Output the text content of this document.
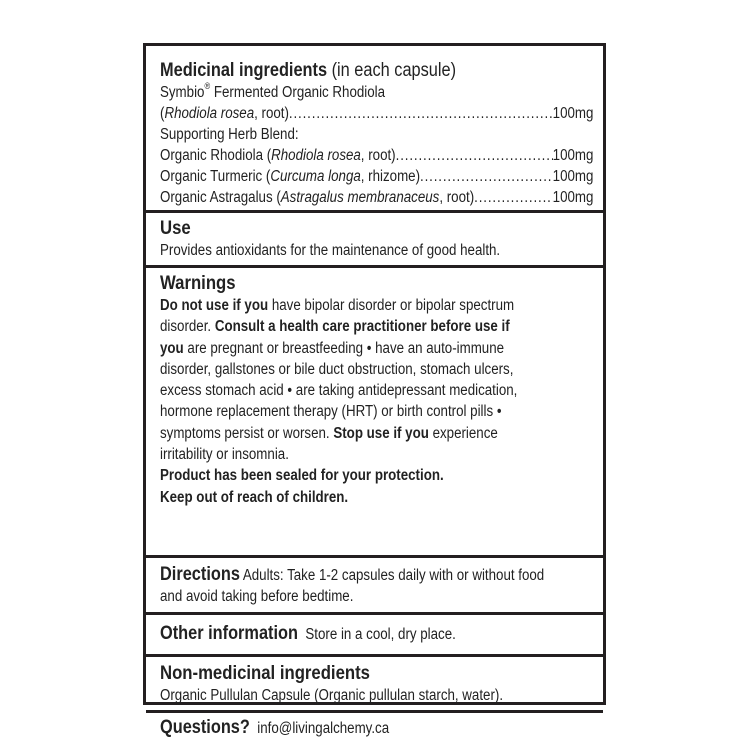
Medicinal ingredients (in each capsule)
Symbio® Fermented Organic Rhodiola
( Rhodiola rosea , root) .....	100mg
Supporting Herb Blend:
Organic Rhodiola ( Rhodiola rosea , root) .....	100mg
Organic Turmeric ( Curcuma longa , rhizome) .....	100mg
Organic Astragalus ( Astragalus membranaceus , root) .....	100mg
Use
Provides antioxidants for the maintenance of good health.
Warnings
Do not use if you have bipolar disorder or bipolar spectrum
disorder. Consult a health care practitioner before use if
you are pregnant or breastfeeding • have an auto-immune
disorder, gallstones or bile duct obstruction, stomach ulcers,
excess stomach acid • are taking antidepressant medication,
hormone replacement therapy (HRT) or birth control pills •
symptoms persist or worsen. Stop use if you experience
irritability or insomnia.
Product has been sealed for your protection.
Keep out of reach of children.
Directions Adults: Take 1-2 capsules daily with or without food
and avoid taking before bedtime.
Other information Store in a cool, dry place.
Non-medicinal ingredients
Organic Pullulan Capsule (Organic pullulan starch, water).
Questions? info@livingalchemy.ca
